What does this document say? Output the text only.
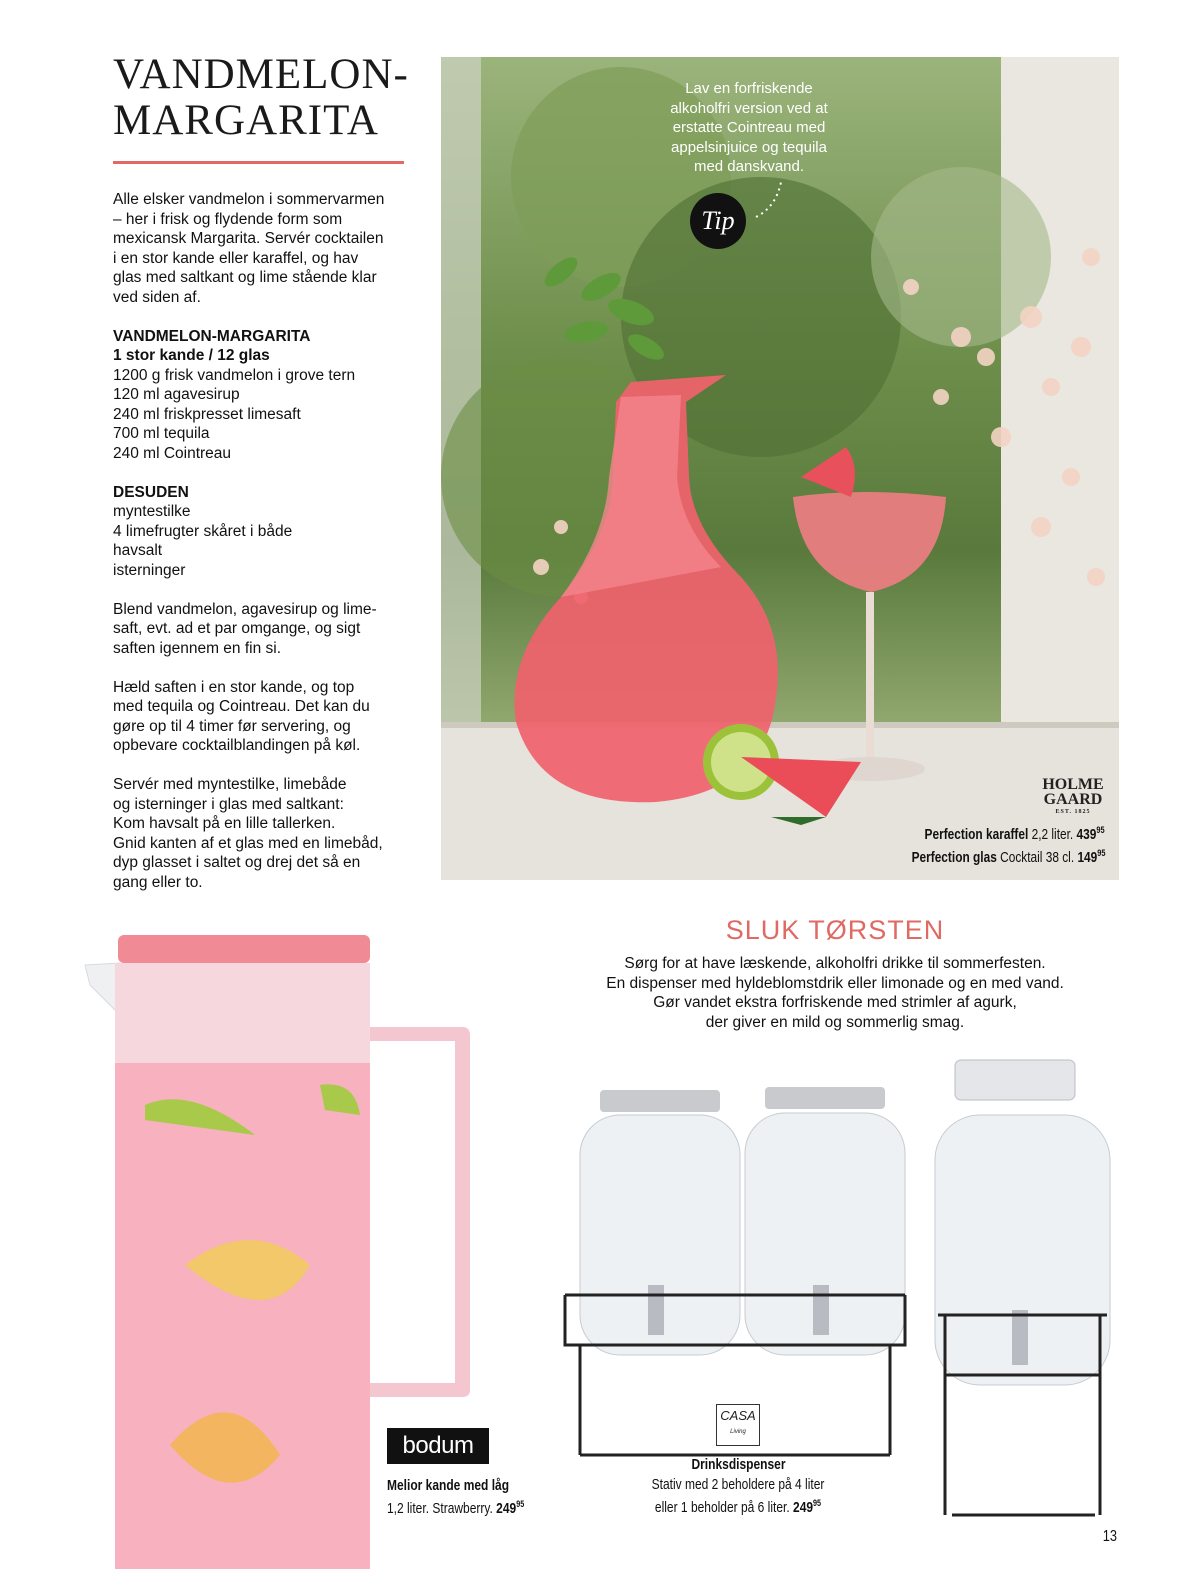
VANDMELON-
MARGARITA

Alle elsker vandmelon i sommervarmen
– her i frisk og flydende form som
mexicansk Margarita. Servér cocktailen
i en stor kande eller karaffel, og hav
glas med saltkant og lime stående klar
ved siden af.

VANDMELON-MARGARITA
1 stor kande / 12 glas
1200 g frisk vandmelon i grove tern
120 ml agavesirup
240 ml friskpresset limesaft
700 ml tequila
240 ml Cointreau

DESUDEN
myntestilke
4 limefrugter skåret i både
havsalt
isterninger

Blend vandmelon, agavesirup og lime-
saft, evt. ad et par omgange, og sigt
saften igennem en fin si.

Hæld saften i en stor kande, og top
med tequila og Cointreau. Det kan du
gøre op til 4 timer før servering, og
opbevare cocktailblandingen på køl.

Servér med myntestilke, limebåde
og isterninger i glas med saltkant:
Kom havsalt på en lille tallerken.
Gnid kanten af et glas med en limebåd,
dyp glasset i saltet og drej det så en
gang eller to.

Lav en forfriskende
alkoholfri version ved at
erstatte Cointreau med
appelsinjuice og tequila
med danskvand.
Tip
HOLME
GAARD
EST. 1825
Perfection karaffel 2,2 liter. $439^{95}$
Perfection glas Cocktail 38 cl. $149^{95}$
SLUK TØRSTEN
Sørg for at have læskende, alkoholfri drikke til sommerfesten.
En dispenser med hyldeblomstdrik eller limonade og en med vand.
Gør vandet ekstra forfriskende med strimler af agurk,
der giver en mild og sommerlig smag.
bodum
Melior kande med låg
1,2 liter. Strawberry. $249^{95}$
CASA
Living
Drinksdispenser
Stativ med 2 beholdere på 4 liter
eller 1 beholder på 6 liter. $249^{95}$
13
